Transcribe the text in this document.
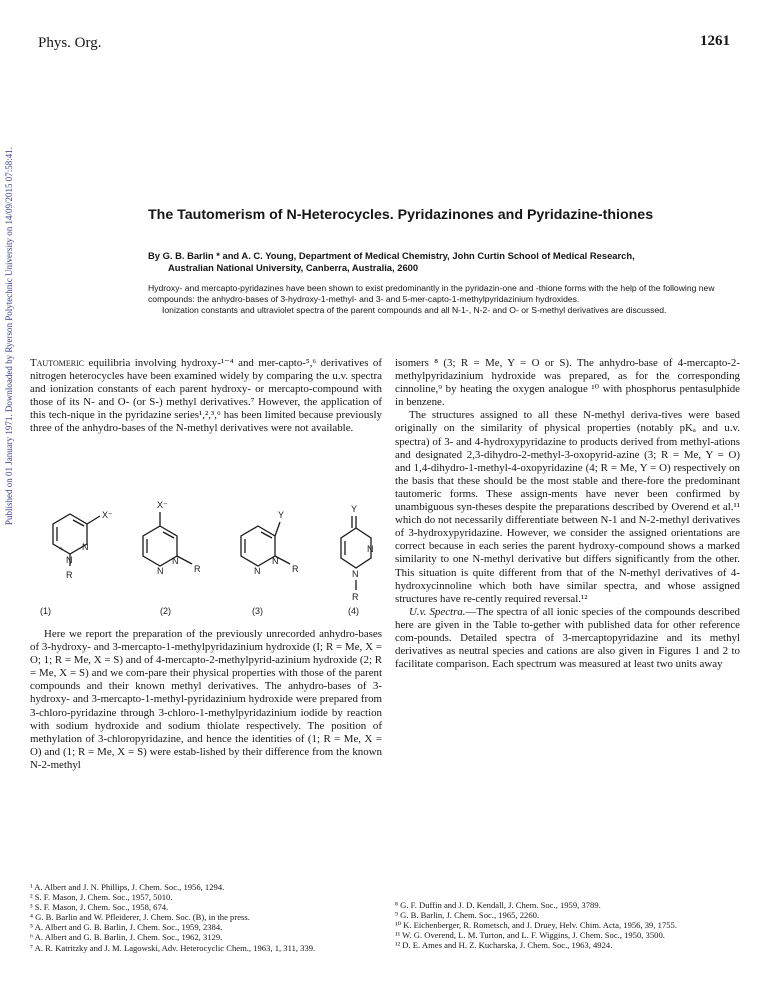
Published on 01 January 1971. Downloaded by Ryerson Polytechnic University on 14/09/2015 07:58:41.
Phys. Org.	1261
The Tautomerism of N-Heterocycles. Pyridazinones and Pyridazine-thiones
By G. B. Barlin * and A. C. Young, Department of Medical Chemistry, John Curtin School of Medical Research,
Australian National University, Canberra, Australia, 2600

Hydroxy- and mercapto-pyridazines have been shown to exist predominantly in the pyridazin-one and -thione forms with the help of the following new compounds: the anhydro-bases of 3-hydroxy-1-methyl- and 3- and 5-mer-capto-1-methylpyridazinium hydroxides.

Ionization constants and ultraviolet spectra of the parent compounds and all N-1-, N-2- and O- or S-methyl derivatives are discussed.

Tautomeric equilibria involving hydroxy-¹⁻⁴ and mer-capto-⁵,⁶ derivatives of nitrogen heterocycles have been examined widely by comparing the u.v. spectra and ionization constants of each parent hydroxy- or mercapto-compound with those of its N- and O- (or S-) methyl derivatives.⁷ However, the application of this tech-nique in the pyridazine series¹,²,³,⁶ has been limited because previously three of the anhydro-bases of the N-methyl derivatives were not available.

X⁻
N
N
+
R
X⁻
N
N
R
Y
N
N
R
Y
N
N
R
(1)	(2)	(3)	(4)

Here we report the preparation of the previously unrecorded anhydro-bases of 3-hydroxy- and 3-mercapto-1-methylpyridazinium hydroxide (I; R = Me, X = O; 1; R = Me, X = S) and of 4-mercapto-2-methylpyrid-azinium hydroxide (2; R = Me, X = S) and we com-pare their physical properties with those of the parent compounds and their known methyl derivatives. The anhydro-bases of 3-hydroxy- and 3-mercapto-1-methyl-pyridazinium hydroxide were prepared from 3-chloro-pyridazine through 3-chloro-1-methylpyridazinium iodide by reaction with sodium hydroxide and sodium thiolate respectively. The position of methylation of 3-chloropyridazine, and hence the identities of (1; R = Me, X = O) and (1; R = Me, X = S) were estab-lished by their difference from the known N-2-methyl

¹ A. Albert and J. N. Phillips, J. Chem. Soc., 1956, 1294.
² S. F. Mason, J. Chem. Soc., 1957, 5010.
³ S. F. Mason, J. Chem. Soc., 1958, 674.
⁴ G. B. Barlin and W. Pfleiderer, J. Chem. Soc. (B), in the press.
⁵ A. Albert and G. B. Barlin, J. Chem. Soc., 1959, 2384.
⁶ A. Albert and G. B. Barlin, J. Chem. Soc., 1962, 3129.
⁷ A. R. Katritzky and J. M. Lagowski, Adv. Heterocyclic Chem., 1963, 1, 311, 339.

isomers ⁸ (3; R = Me, Y = O or S). The anhydro-base of 4-mercapto-2-methylpyridazinium hydroxide was prepared, as for the corresponding cinnoline,⁹ by heating the oxygen analogue ¹⁰ with phosphorus pentasulphide in benzene.

The structures assigned to all these N-methyl deriva-tives were based originally on the similarity of physical properties (notably pKₐ and u.v. spectra) of 3- and 4-hydroxypyridazine to products derived from methyl-ations and designated 2,3-dihydro-2-methyl-3-oxopyrid-azine (3; R = Me, Y = O) and 1,4-dihydro-1-methyl-4-oxopyridazine (4; R = Me, Y = O) respectively on the basis that these should be the most stable and there-fore the predominant tautomeric forms. These assign-ments have never been confirmed by unambiguous syn-theses despite the preparations described by Overend et al.¹¹ which do not necessarily differentiate between N-1 and N-2-methyl derivatives of 3-hydroxypyridazine. However, we consider the assigned orientations are correct because in each series the parent hydroxy-compound shows a marked similarity to one N-methyl derivative but differs significantly from the other. This situation is quite different from that of the N-methyl derivatives of 4-hydroxycinnoline which both have similar spectra, and whose assigned structures have re-cently required reversal.¹²

U.v. Spectra.—The spectra of all ionic species of the compounds described here are given in the Table to-gether with published data for other reference com-pounds. Detailed spectra of 3-mercaptopyridazine and its methyl derivatives as neutral species and cations are also given in Figures 1 and 2 to facilitate comparison. Each spectrum was measured at least two units away

⁸ G. F. Duffin and J. D. Kendall, J. Chem. Soc., 1959, 3789.
⁹ G. B. Barlin, J. Chem. Soc., 1965, 2260.
¹⁰ K. Eichenberger, R. Rometsch, and J. Druey, Helv. Chim. Acta, 1956, 39, 1755.
¹¹ W. G. Overend, L. M. Turton, and L. F. Wiggins, J. Chem. Soc., 1950, 3500.
¹² D. E. Ames and H. Z. Kucharska, J. Chem. Soc., 1963, 4924.
